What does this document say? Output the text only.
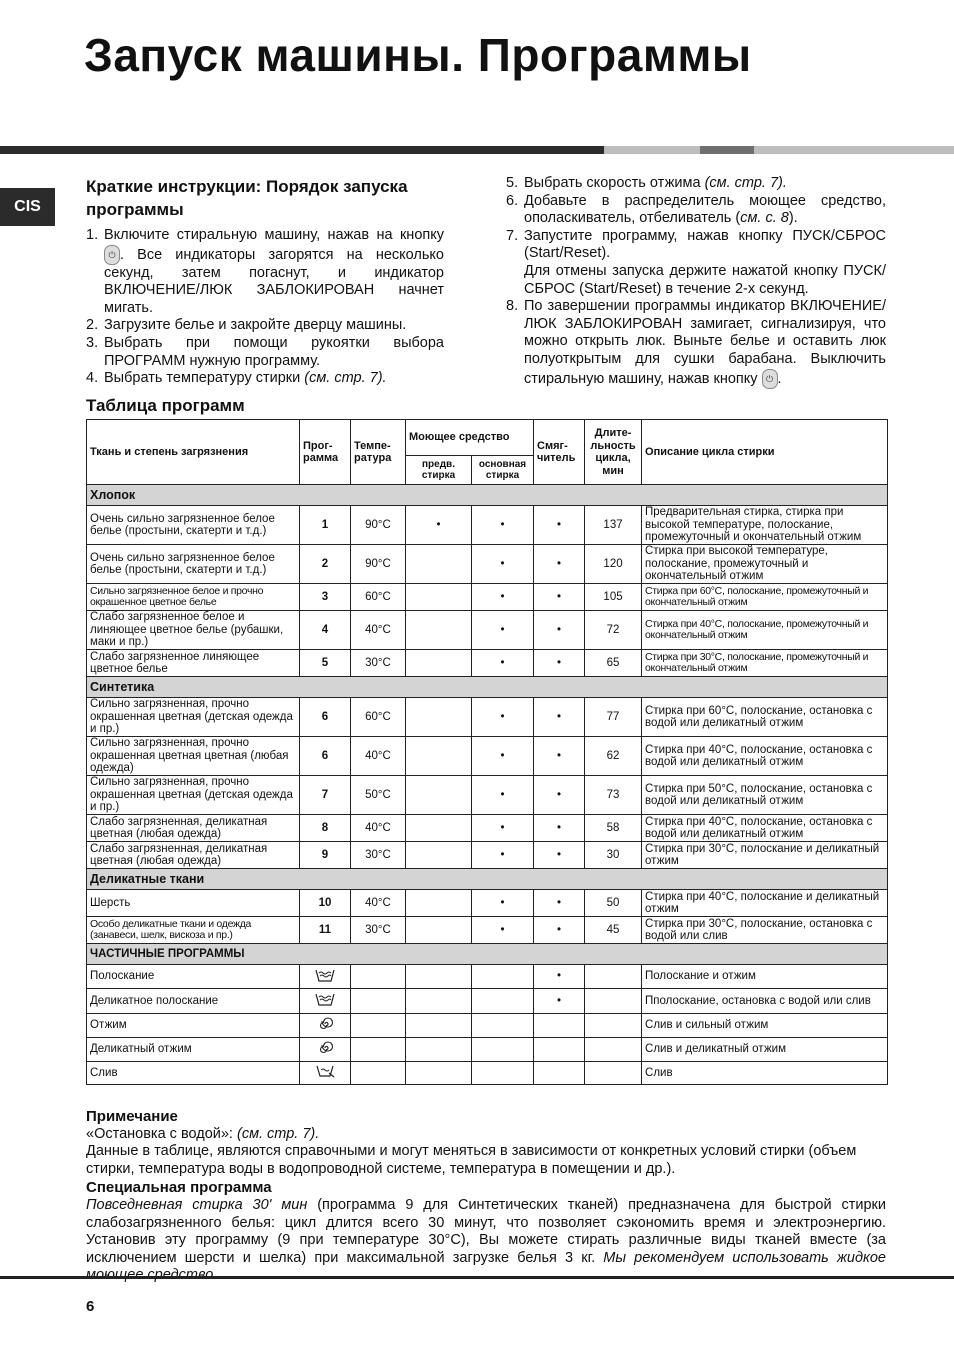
Запуск машины. Программы
CIS
Краткие инструкции: Порядок запуска программы
1. Включите стиральную машину, нажав на кнопку ⏻ . Все индикаторы загорятся на несколько секунд, затем погаснут, и индикатор ВКЛЮЧЕНИЕ/ЛЮК ЗАБЛОКИРОВАН начнет мигать.
2. Загрузите белье и закройте дверцу машины.
3. Выбрать при помощи рукоятки выбора ПРОГРАММ нужную программу.
4. Выбрать температуру стирки (см. стр. 7).
5. Выбрать скорость отжима (см. стр. 7).
6. Добавьте в распределитель моющее средство, ополаскиватель, отбеливатель (см. с. 8).
7. Запустите программу, нажав кнопку ПУСК/СБРОС (Start/Reset).
Для отмены запуска держите нажатой кнопку ПУСК/СБРОС (Start/Reset) в течение 2-х секунд.
8. По завершении программы индикатор ВКЛЮЧЕНИЕ/ЛЮК ЗАБЛОКИРОВАН замигает, сигнализируя, что можно открыть люк. Выньте белье и оставить люк полуоткрытым для сушки барабана. Выключить стиральную машину, нажав кнопку ⏻ .
Таблица программ
Ткань и степень загрязнения	Прог-рамма	Темпе-ратура	Моющее средство		Смяг-читель	Длите-льность цикла, мин	Описание цикла стирки
			предв. стирка	основная стирка			
Хлопок							
Очень сильно загрязненное белое белье (простыни, скатерти и т.д.)	1	90°C	•	•	•	137	Предварительная стирка, стирка при высокой температуре, полоскание, промежуточный и окончательный отжим
Очень сильно загрязненное белое белье (простыни, скатерти и т.д.)	2	90°C		•	•	120	Стирка при высокой температуре, полоскание, промежуточный и окончательный отжим
Сильно загрязненное белое и прочно окрашенное цветное белье	3	60°C		•	•	105	Стирка при 60°C, полоскание, промежуточный и окончательный отжим
Слабо загрязненное белое и линяющее цветное белье (рубашки, маки и пр.)	4	40°C		•	•	72	Стирка при 40°C, полоскание, промежуточный и окончательный отжим
Слабо загрязненное линяющее цветное белье	5	30°C		•	•	65	Стирка при 30°C, полоскание, промежуточный и окончательный отжим
Синтетика							
Сильно загрязненная, прочно окрашенная цветная (детская одежда и пр.)	6	60°C		•	•	77	Стирка при 60°C, полоскание, остановка с водой или деликатный отжим
Сильно загрязненная, прочно окрашенная цветная цветная (любая одежда)	6	40°C		•	•	62	Стирка при 40°C, полоскание, остановка с водой или деликатный отжим
Сильно загрязненная, прочно окрашенная цветная (детская одежда и пр.)	7	50°C		•	•	73	Стирка при 50°C, полоскание, остановка с водой или деликатный отжим
Слабо загрязненная, деликатная цветная (любая одежда)	8	40°C		•	•	58	Стирка при 40°C, полоскание, остановка с водой или деликатный отжим
Слабо загрязненная, деликатная цветная (любая одежда)	9	30°C		•	•	30	Стирка при 30°C, полоскание и деликатный отжим
Деликатные ткани							
Шерсть	10	40°C		•	•	50	Стирка при 40°C, полоскание и деликатный отжим
Особо деликатные ткани и одежда (занавеси, шелк, вискоза и пр.)	11	30°C		•	•	45	Стирка при 30°C, полоскание, остановка с водой или слив
ЧАСТИЧНЫЕ ПРОГРАММЫ							
Полоскание					•		Полоскание и отжим
Деликатное полоскание					•		Пполоскание, остановка с водой или слив
Отжим							Слив и сильный отжим
Деликатный отжим							Слив и деликатный отжим
Слив							Слив
Примечание
«Остановка с водой»: (см. стр. 7).
Данные в таблице, являются справочными и могут меняться в зависимости от конкретных условий стирки (объем стирки, температура воды в водопроводной системе, температура в помещении и др.).
Специальная программа
Повседневная стирка 30' мин (программа 9 для Синтетических тканей) предназначена для быстрой стирки слабозагрязненного белья: цикл длится всего 30 минут, что позволяет сэкономить время и электроэнергию. Установив эту программу (9 при температуре 30°C), Вы можете стирать различные виды тканей вместе (за исключением шерсти и шелка) при максимальной загрузке белья 3 кг. Мы рекомендуем использовать жидкое
6
